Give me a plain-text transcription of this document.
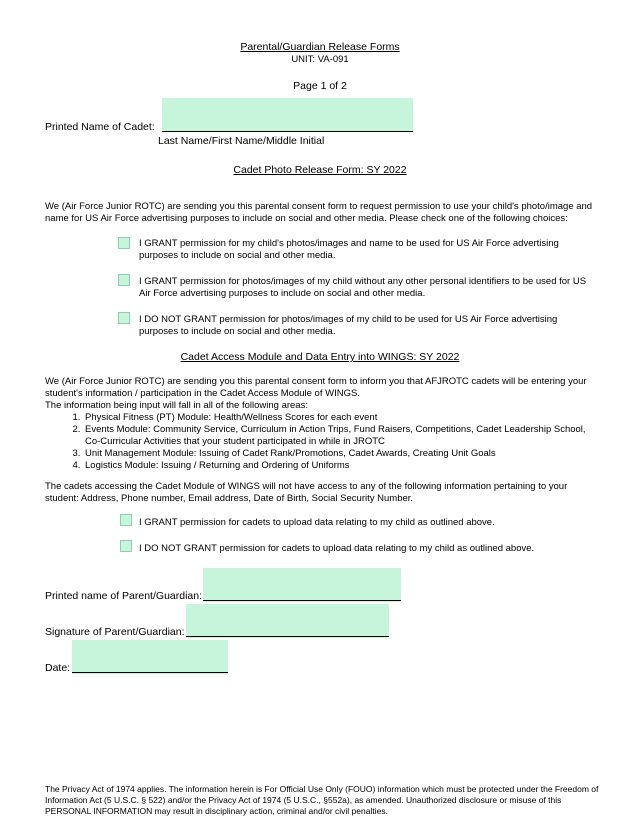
Parental/Guardian Release Forms
UNIT: VA-091
Page 1 of 2
Printed Name of Cadet:
Last Name/First Name/Middle Initial
Cadet Photo Release Form: SY 2022
We (Air Force Junior ROTC) are sending you this parental consent form to request permission to use your child's photo/image and name for US Air Force advertising purposes to include on social and other media. Please check one of the following choices:
I GRANT permission for my child's photos/images and name to be used for US Air Force advertising purposes to include on social and other media.
I GRANT permission for photos/images of my child without any other personal identifiers to be used for US Air Force advertising purposes to include on social and other media.
I DO NOT GRANT permission for photos/images of my child to be used for US Air Force advertising purposes to include on social and other media.
Cadet Access Module and Data Entry into WINGS: SY 2022
We (Air Force Junior ROTC) are sending you this parental consent form to inform you that AFJROTC cadets will be entering your student's information / participation in the Cadet Access Module of WINGS.
The information being input will fall in all of the following areas:
1. Physical Fitness (PT) Module: Health/Wellness Scores for each event
2. Events Module: Community Service, Curriculum in Action Trips, Fund Raisers, Competitions, Cadet Leadership School, Co-Curricular Activities that your student participated in while in JROTC
3. Unit Management Module: Issuing of Cadet Rank/Promotions, Cadet Awards, Creating Unit Goals
4. Logistics Module: Issuing / Returning and Ordering of Uniforms
The cadets accessing the Cadet Module of WINGS will not have access to any of the following information pertaining to your student: Address, Phone number, Email address, Date of Birth, Social Security Number.
I GRANT permission for cadets to upload data relating to my child as outlined above.
I DO NOT GRANT permission for cadets to upload data relating to my child as outlined above.
Printed name of Parent/Guardian:
Signature of Parent/Guardian:
Date:
The Privacy Act of 1974 applies. The information herein is For Official Use Only (FOUO) information which must be protected under the Freedom of Information Act (5 U.S.C. § 522) and/or the Privacy Act of 1974 (5 U.S.C., §552a), as amended. Unauthorized disclosure or misuse of this PERSONAL INFORMATION may result in disciplinary action, criminal and/or civil penalties.
